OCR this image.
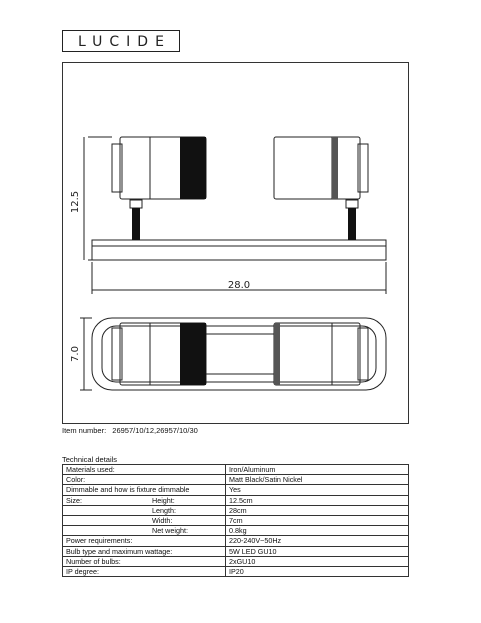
LUCIDE
12.5
28.0
7.0
Item number: 26957/10/12,26957/10/30
Technical details
Materials used:	Iron/Aluminum
Color:	Matt Black/Satin Nickel
Dimmable and how is fixture dimmable	Yes
Size: Height:	12.5cm
Length:	28cm
Width:	7cm
Net weight:	0.8kg
Power requirements:	220-240V~50Hz
Bulb type and maximum wattage:	5W LED GU10
Number of bulbs:	2xGU10
IP degree:	IP20
